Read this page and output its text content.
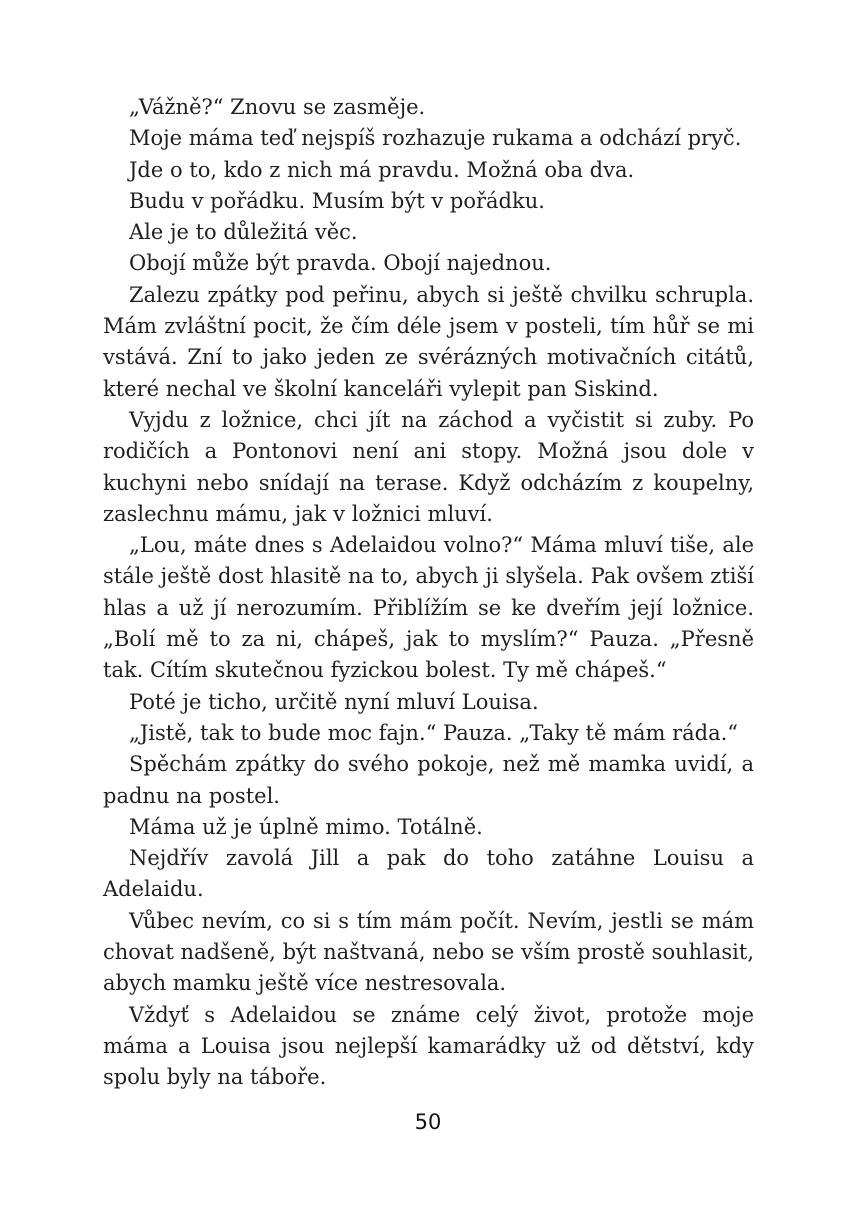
„Vážně?“ Znovu se zasměje.

Moje máma teď nejspíš rozhazuje rukama a odchází pryč.

Jde o to, kdo z nich má pravdu. Možná oba dva.

Budu v pořádku. Musím být v pořádku.

Ale je to důležitá věc.

Obojí může být pravda. Obojí najednou.

Zalezu zpátky pod peřinu, abych si ještě chvilku schrupla. Mám zvláštní pocit, že čím déle jsem v posteli, tím hůř se mi vstává. Zní to jako jeden ze svérázných motivačních citátů, které nechal ve školní kanceláři vylepit pan Siskind.

Vyjdu z ložnice, chci jít na záchod a vyčistit si zuby. Po rodičích a Pontonovi není ani stopy. Možná jsou dole v kuchyni nebo snídají na terase. Když odcházím z koupelny, zaslechnu mámu, jak v ložnici mluví.

„Lou, máte dnes s Adelaidou volno?“ Máma mluví tiše, ale stále ještě dost hlasitě na to, abych ji slyšela. Pak ovšem ztiší hlas a už jí nerozumím. Přiblížím se ke dveřím její ložnice. „Bolí mě to za ni, chápeš, jak to myslím?“ Pauza. „Přesně tak. Cítím skutečnou fyzickou bolest. Ty mě chápeš.“

Poté je ticho, určitě nyní mluví Louisa.

„Jistě, tak to bude moc fajn.“ Pauza. „Taky tě mám ráda.“

Spěchám zpátky do svého pokoje, než mě mamka uvidí, a padnu na postel.

Máma už je úplně mimo. Totálně.

Nejdřív zavolá Jill a pak do toho zatáhne Louisu a Adelaidu.

Vůbec nevím, co si s tím mám počít. Nevím, jestli se mám chovat nadšeně, být naštvaná, nebo se vším prostě souhlasit, abych mamku ještě více nestresovala.

Vždyť s Adelaidou se známe celý život, protože moje máma a Louisa jsou nejlepší kamarádky už od dětství, kdy spolu byly na táboře.

50
